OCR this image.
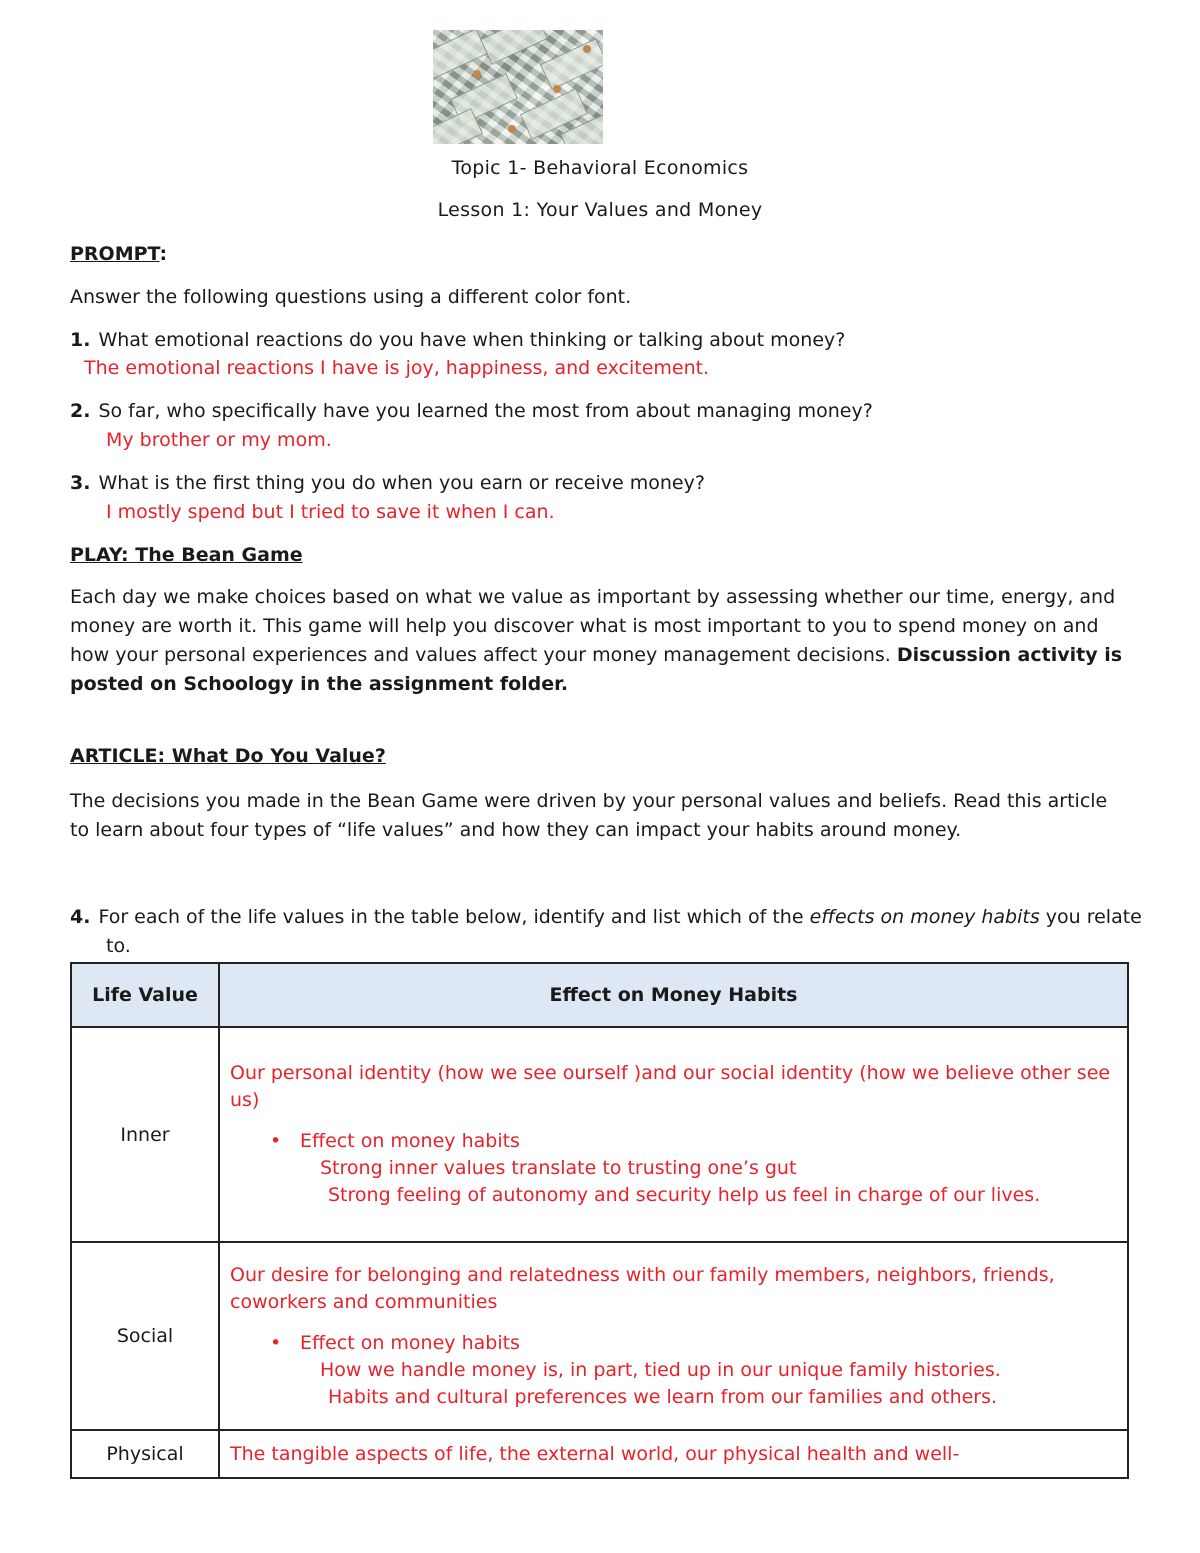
Topic 1- Behavioral Economics
Lesson 1: Your Values and Money
PROMPT:
Answer the following questions using a different color font.
1. What emotional reactions do you have when thinking or talking about money?
The emotional reactions I have is joy, happiness, and excitement.
2. So far, who specifically have you learned the most from about managing money?
My brother or my mom.
3. What is the first thing you do when you earn or receive money?
I mostly spend but I tried to save it when I can.
PLAY: The Bean Game
Each day we make choices based on what we value as important by assessing whether our time, energy, and money are worth it. This game will help you discover what is most important to you to spend money on and how your personal experiences and values affect your money management decisions. Discussion activity is posted on Schoology in the assignment folder.
ARTICLE: What Do You Value?
The decisions you made in the Bean Game were driven by your personal values and beliefs. Read this article to learn about four types of “life values” and how they can impact your habits around money.
4. For each of the life values in the table below, identify and list which of the effects on money habits you relate to.
Life Value	Effect on Money Habits
Inner	Our personal identity (how we see ourself )and our social identity (how we believe other see us)
• Effect on money habits
Strong inner values translate to trusting one’s gut
Strong feeling of autonomy and security help us feel in charge of our lives.

Social	Our desire for belonging and relatedness with our family members, neighbors, friends, coworkers and communities
• Effect on money habits
How we handle money is, in part, tied up in our unique family histories.
Habits and cultural preferences we learn from our families and others.

Physical	The tangible aspects of life, the external world, our physical health and well-
